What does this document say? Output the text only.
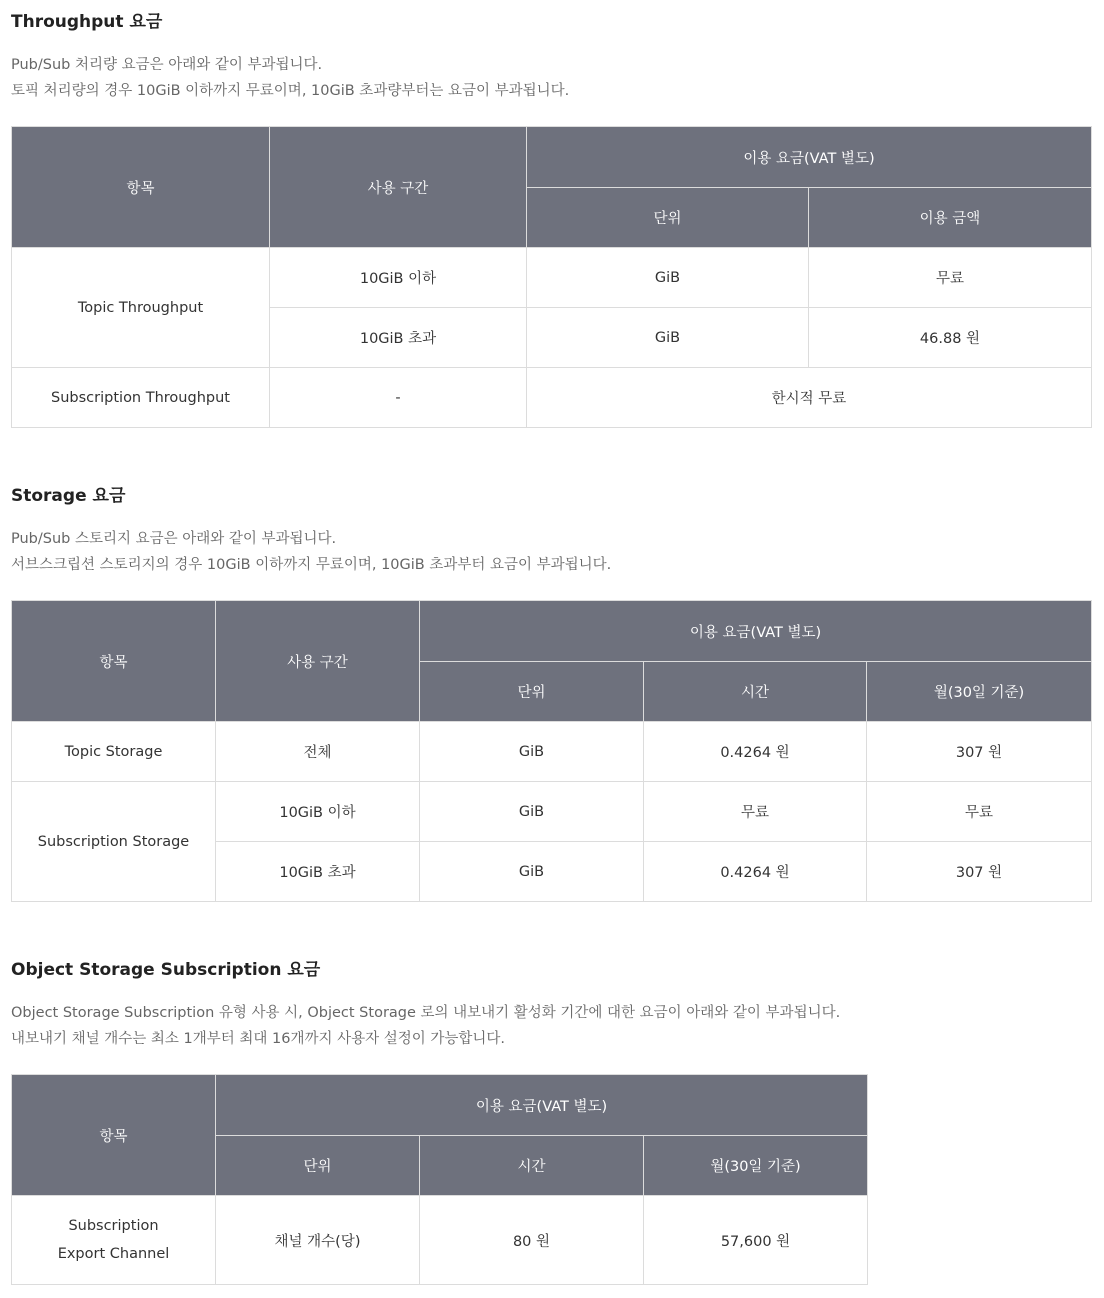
Throughput 요금

Pub/Sub 처리량 요금은 아래와 같이 부과됩니다.

토픽 처리량의 경우 10GiB 이하까지 무료이며, 10GiB 초과량부터는 요금이 부과됩니다.

항목	사용 구간	이용 요금(VAT 별도)	
		단위	이용 금액
Topic Throughput	10GiB 이하	GiB	무료
	10GiB 초과	GiB	46.88 원
Subscription Throughput	-	한시적 무료	
Storage 요금

Pub/Sub 스토리지 요금은 아래와 같이 부과됩니다.

서브스크립션 스토리지의 경우 10GiB 이하까지 무료이며, 10GiB 초과부터 요금이 부과됩니다.

항목	사용 구간	이용 요금(VAT 별도)		
		단위	시간	월(30일 기준)
Topic Storage	전체	GiB	0.4264 원	307 원
Subscription Storage	10GiB 이하	GiB	무료	무료
	10GiB 초과	GiB	0.4264 원	307 원
Object Storage Subscription 요금

Object Storage Subscription 유형 사용 시, Object Storage 로의 내보내기 활성화 기간에 대한 요금이 아래와 같이 부과됩니다.

내보내기 채널 개수는 최소 1개부터 최대 16개까지 사용자 설정이 가능합니다.

항목	이용 요금(VAT 별도)		
	단위	시간	월(30일 기준)

Subscription
Export Channel	채널 개수(당)	80 원	57,600 원
